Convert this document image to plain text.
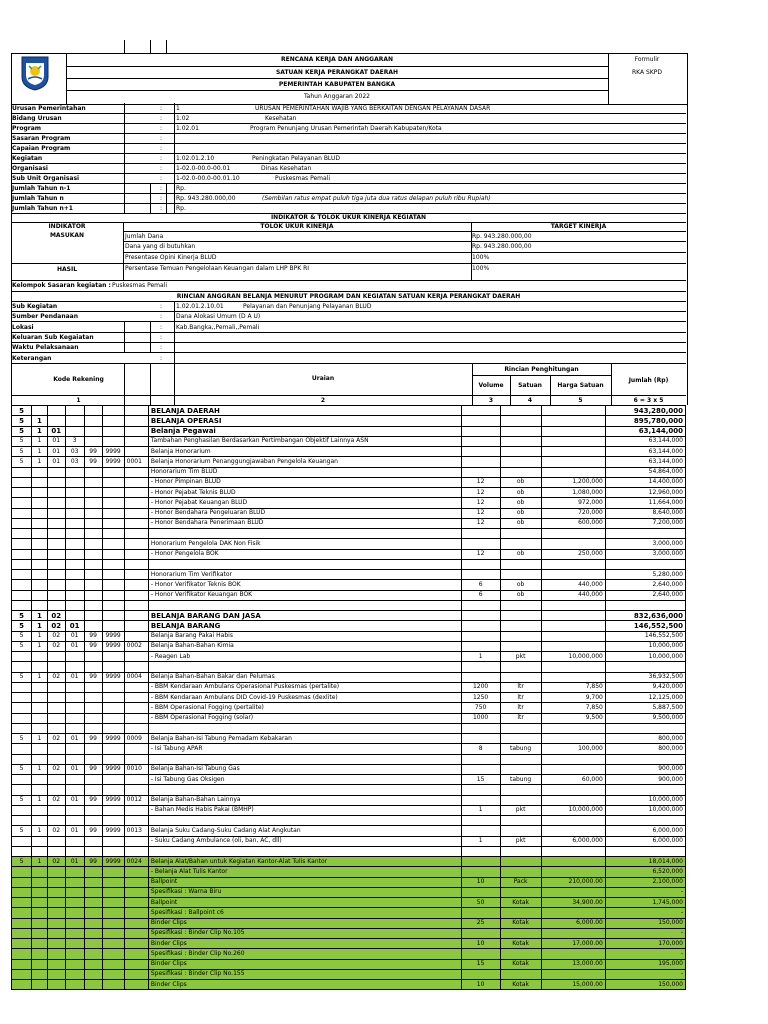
RENCANA KERJA DAN ANGGARAN
SATUAN KERJA PERANGKAT DAERAH
PEMERINTAH KABUPATEN BANGKA
Tahun Anggaran 2022
Formulir
RKA SKPD
Urusan Pemerintahan	: 1	URUSAN PEMERINTAHAN WAJIB YANG BERKAITAN DENGAN PELAYANAN DASAR
Bidang Urusan	: 1.02	Kesehatan
Program	: 1.02.01	Program Penunjang Urusan Pemerintah Daerah Kabupaten/Kota
Sasaran Program	:
Capaian Program	:
Kegiatan	: 1.02.01.2.10	Peningkatan Pelayanan BLUD
Organisasi	: 1-02.0-00.0-00.01	Dinas Kesehatan
Sub Unit Organisasi	: 1-02.0-00.0-00.01.10	Puskesmas Pemali
Jumlah Tahun n-1	: Rp.
Jumlah Tahun n	: Rp. 943.280.000,00	(Sembilan ratus empat puluh tiga juta dua ratus delapan puluh ribu Rupiah)
Jumlah Tahun n+1	: Rp.
INDIKATOR & TOLOK UKUR KINERJA KEGIATAN
INDIKATOR	TOLOK UKUR KINERJA	TARGET KINERJA
MASUKAN
HASIL
Jumlah Dana	Rp. 943.280.000,00
Dana yang di butuhkan	Rp. 943.280.000,00
Presentase Opini Kinerja BLUD	100%
Persentase Temuan Pengelolaan Keuangan dalam LHP BPK RI	100%
Kelompok Sasaran kegiatan : Puskesmas Pemali
RINCIAN ANGGRAN BELANJA MENURUT PROGRAM DAN KEGIATAN SATUAN KERJA PERANGKAT DAERAH
Sub Kegiatan	: 1.02.01.2.10.01	Pelayanan dan Penunjang Pelayanan BLUD
Sumber Pendanaan	: Dana Alokasi Umum (D A U)
Lokasi	: Kab.Bangka,,Pemali,,Pemali
Keluaran Sub Kegaiatan	:
Waktu Pelaksanaan	:
Keterangan	:
Kode Rekening	Uraian
Rincian Penghitungan
Volume	Satuan	Harga Satuan
Jumlah (Rp)
1	2	3	4	5	6 = 3 x 5
5							BELANJA DAERAH				943,280,000
5	1						BELANJA OPERASI				895,780,000
5	1	01					Belanja Pegawai				63,144,000
5	1	01	3				Tambahan Penghasilan Berdasarkan Pertimbangan Objektif Lainnya ASN				63,144,000
5	1	01	03	99	9999		Belanja Honorarium				63,144,000
5	1	01	03	99	9999	0001	Belanja Honorarium Penanggungjawaban Pengelola Keuangan				63,144,000
							Honorarium Tim BLUD				54,864,000
							- Honor Pimpinan BLUD	12	ob	1,200,000	14,400,000
							- Honor Pejabat Teknis BLUD	12	ob	1,080,000	12,960,000
							- Honor Pejabat Keuangan BLUD	12	ob	972,000	11,664,000
							- Honor Bendahara Pengeluaran BLUD	12	ob	720,000	8,640,000
							- Honor Bendahara Penerimaan BLUD	12	ob	600,000	7,200,000

							Honorarium Pengelola DAK Non Fisik				3,000,000
							- Honor Pengelola BOK	12	ob	250,000	3,000,000

							Honorarium Tim Verifikator				5,280,000
							- Honor Verifikator Teknis BOK	6	ob	440,000	2,640,000
							- Honor Verifikator Keuangan BOK	6	ob	440,000	2,640,000

5	1	02					BELANJA BARANG DAN JASA				832,636,000
5	1	02	01				BELANJA BARANG				146,552,500
5	1	02	01	99	9999		Belanja Barang Pakai Habis				146,552,500
5	1	02	01	99	9999	0002	Belanja Bahan-Bahan Kimia				10,000,000
							- Reagen Lab	1	pkt	10,000,000	10,000,000

5	1	02	01	99	9999	0004	Belanja Bahan-Bahan Bakar dan Pelumas				36,932,500
							- BBM Kendaraan Ambulans Operasional Puskesmas (pertalite)	1200	ltr	7,850	9,420,000
							- BBM Kendaraan Ambulans DID Covid-19 Puskesmas (dexlite)	1250	ltr	9,700	12,125,000
							- BBM Operasional Fogging (pertalite)	750	ltr	7,850	5,887,500
							- BBM Operasional Fogging (solar)	1000	ltr	9,500	9,500,000

5	1	02	01	99	9999	0009	Belanja Bahan-Isi Tabung Pemadam Kebakaran				800,000
							- Isi Tabung APAR	8	tabung	100,000	800,000

5	1	02	01	99	9999	0010	Belanja Bahan-Isi Tabung Gas				900,000
							- Isi Tabung Gas Oksigen	15	tabung	60,000	900,000

5	1	02	01	99	9999	0012	Belanja Bahan-Bahan Lainnya				10,000,000
							- Bahan Medis Habis Pakai (BMHP)	1	pkt	10,000,000	10,000,000

5	1	02	01	99	9999	0013	Belanja Suku Cadang-Suku Cadang Alat Angkutan				6,000,000
							- Suku Cadang Ambulance (oli, ban, AC, dll)	1	pkt	6,000,000	6,000,000

5	1	02	01	99	9999	0024	Belanja Alat/Bahan untuk Kegiatan Kantor-Alat Tulis Kantor				18,014,000
							- Belanja Alat Tulis Kantor				6,520,000
							Ballpoint	10	Pack	210,000.00	2,100,000
							Spesifikasi : Warna Biru				-
							Ballpoint	50	Kotak	34,900.00	1,745,000
							Spesifikasi : Ballpoint c6				-
							Binder Clips	25	Kotak	6,000.00	150,000
							Spesifikasi : Binder Clip No.105				-
							Binder Clips	10	Kotak	17,000.00	170,000
							Spesifikasi : Binder Clip No.260				-
							Binder Clips	15	Kotak	13,000.00	195,000
							Spesifikasi : Binder Clip No.155				-
							Binder Clips	10	Kotak	15,000.00	150,000
